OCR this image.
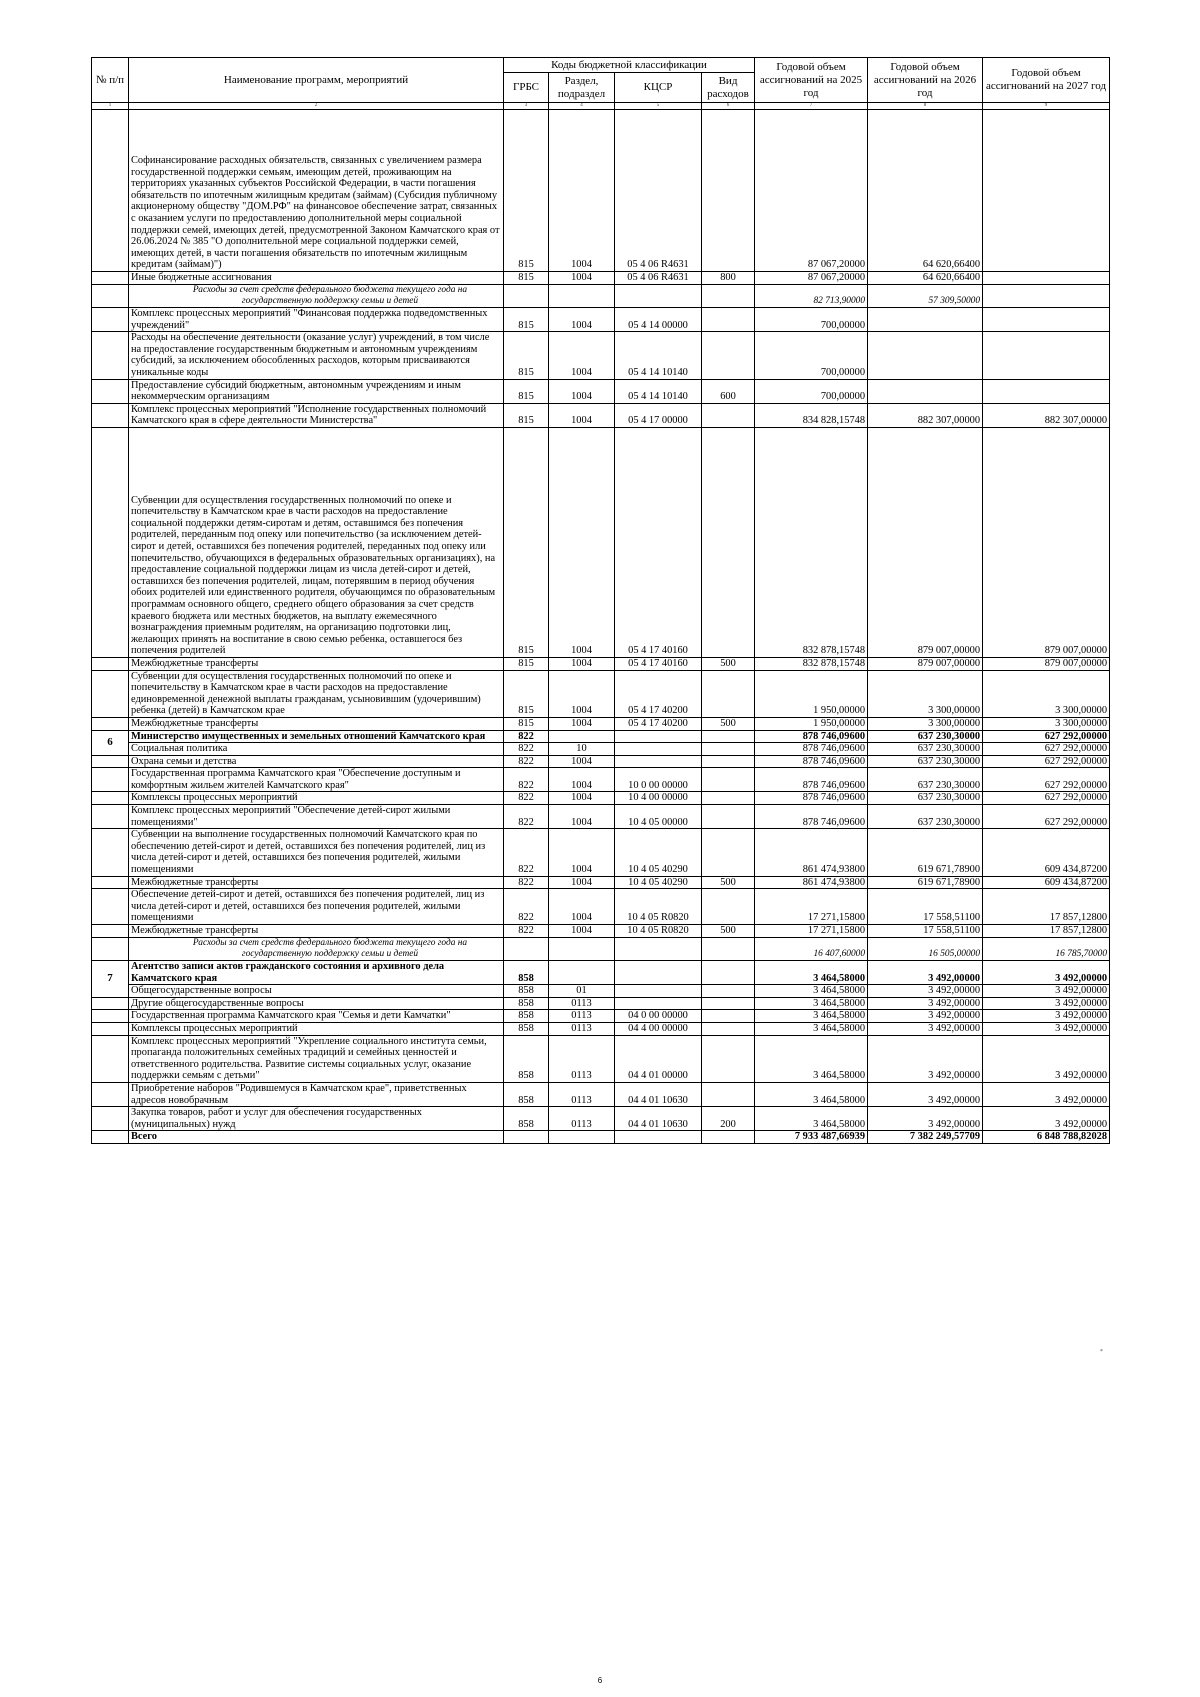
№ п/п	Наименование программ, мероприятий	Коды бюджетной классификации				Годовой объем ассигнований на 2025 год	Годовой объем ассигнований на 2026 год	Годовой объем ассигнований на 2027 год
		ГРБС	Раздел, подраздел	КЦСР	Вид расходов			
1	2	3	4	5	6	7	8	9
	Софинансирование расходных обязательств, связанных с увеличением размера государственной поддержки семьям, имеющим детей, проживающим на территориях указанных субъектов Российской Федерации, в части погашения обязательств по ипотечным жилищным кредитам (займам) (Субсидия публичному акционерному обществу "ДОМ.РФ" на финансовое обеспечение затрат, связанных с оказанием услуги по предоставлению дополнительной меры социальной поддержки семей, имеющих детей, предусмотренной Законом Камчатского края от 26.06.2024 № 385 "О дополнительной мере социальной поддержки семей, имеющих детей, в части погашения обязательств по ипотечным жилищным кредитам (займам)")	815	1004	05 4 06 R4631		87 067,20000	64 620,66400	
	Иные бюджетные ассигнования	815	1004	05 4 06 R4631	800	87 067,20000	64 620,66400	
	Расходы за счет средств федерального бюджета текущего года на государственную поддержку семьи и детей					82 713,90000	57 309,50000	
	Комплекс процессных мероприятий "Финансовая поддержка подведомственных учреждений"	815	1004	05 4 14 00000		700,00000		
	Расходы на обеспечение деятельности (оказание услуг) учреждений, в том числе на предоставление государственным бюджетным и автономным учреждениям субсидий, за исключением обособленных расходов, которым присваиваются уникальные коды	815	1004	05 4 14 10140		700,00000		
	Предоставление субсидий бюджетным, автономным учреждениям и иным некоммерческим организациям	815	1004	05 4 14 10140	600	700,00000		
	Комплекс процессных мероприятий "Исполнение государственных полномочий Камчатского края в сфере деятельности Министерства"	815	1004	05 4 17 00000		834 828,15748	882 307,00000	882 307,00000
	Субвенции для осуществления государственных полномочий по опеке и попечительству в Камчатском крае в части расходов на предоставление социальной поддержки детям-сиротам и детям, оставшимся без попечения родителей, переданным под опеку или попечительство (за исключением детей-сирот и детей, оставшихся без попечения родителей, переданных под опеку или попечительство, обучающихся в федеральных образовательных организациях), на предоставление социальной поддержки лицам из числа детей-сирот и детей, оставшихся без попечения родителей, лицам, потерявшим в период обучения обоих родителей или единственного родителя, обучающимся по образовательным программам основного общего, среднего общего образования за счет средств краевого бюджета или местных бюджетов, на выплату ежемесячного вознаграждения приемным родителям, на организацию подготовки лиц, желающих принять на воспитание в свою семью ребенка, оставшегося без попечения родителей	815	1004	05 4 17 40160		832 878,15748	879 007,00000	879 007,00000
	Межбюджетные трансферты	815	1004	05 4 17 40160	500	832 878,15748	879 007,00000	879 007,00000
	Субвенции для осуществления государственных полномочий по опеке и попечительству в Камчатском крае в части расходов на предоставление единовременной денежной выплаты гражданам, усыновившим (удочерившим) ребенка (детей) в Камчатском крае	815	1004	05 4 17 40200		1 950,00000	3 300,00000	3 300,00000
	Межбюджетные трансферты	815	1004	05 4 17 40200	500	1 950,00000	3 300,00000	3 300,00000
6	Министерство имущественных и земельных отношений Камчатского края	822				878 746,09600	637 230,30000	627 292,00000
	Социальная политика	822	10			878 746,09600	637 230,30000	627 292,00000
	Охрана семьи и детства	822	1004			878 746,09600	637 230,30000	627 292,00000
	Государственная программа Камчатского края "Обеспечение доступным и комфортным жильем жителей Камчатского края"	822	1004	10 0 00 00000		878 746,09600	637 230,30000	627 292,00000
	Комплексы процессных мероприятий	822	1004	10 4 00 00000		878 746,09600	637 230,30000	627 292,00000
	Комплекс процессных мероприятий "Обеспечение детей-сирот жилыми помещениями"	822	1004	10 4 05 00000		878 746,09600	637 230,30000	627 292,00000
	Субвенции на выполнение государственных полномочий Камчатского края по обеспечению детей-сирот и детей, оставшихся без попечения родителей, лиц из числа детей-сирот и детей, оставшихся без попечения родителей, жилыми помещениями	822	1004	10 4 05 40290		861 474,93800	619 671,78900	609 434,87200
	Межбюджетные трансферты	822	1004	10 4 05 40290	500	861 474,93800	619 671,78900	609 434,87200
	Обеспечение детей-сирот и детей, оставшихся без попечения родителей, лиц из числа детей-сирот и детей, оставшихся без попечения родителей, жилыми помещениями	822	1004	10 4 05 R0820		17 271,15800	17 558,51100	17 857,12800
	Межбюджетные трансферты	822	1004	10 4 05 R0820	500	17 271,15800	17 558,51100	17 857,12800
	Расходы за счет средств федерального бюджета текущего года на государственную поддержку семьи и детей					16 407,60000	16 505,00000	16 785,70000
7	Агентство записи актов гражданского состояния и архивного дела Камчатского края	858				3 464,58000	3 492,00000	3 492,00000
	Общегосударственные вопросы	858	01			3 464,58000	3 492,00000	3 492,00000
	Другие общегосударственные вопросы	858	0113			3 464,58000	3 492,00000	3 492,00000
	Государственная программа Камчатского края "Семья и дети Камчатки"	858	0113	04 0 00 00000		3 464,58000	3 492,00000	3 492,00000
	Комплексы процессных мероприятий	858	0113	04 4 00 00000		3 464,58000	3 492,00000	3 492,00000
	Комплекс процессных мероприятий "Укрепление социального института семьи, пропаганда положительных семейных традиций и семейных ценностей и ответственного родительства. Развитие системы социальных услуг, оказание поддержки семьям с детьми"	858	0113	04 4 01 00000		3 464,58000	3 492,00000	3 492,00000
	Приобретение наборов "Родившемуся в Камчатском крае", приветственных адресов новобрачным	858	0113	04 4 01 10630		3 464,58000	3 492,00000	3 492,00000
	Закупка товаров, работ и услуг для обеспечения государственных (муниципальных) нужд	858	0113	04 4 01 10630	200	3 464,58000	3 492,00000	3 492,00000
	Всего					7 933 487,66939	7 382 249,57709	6 848 788,82028
*
6
